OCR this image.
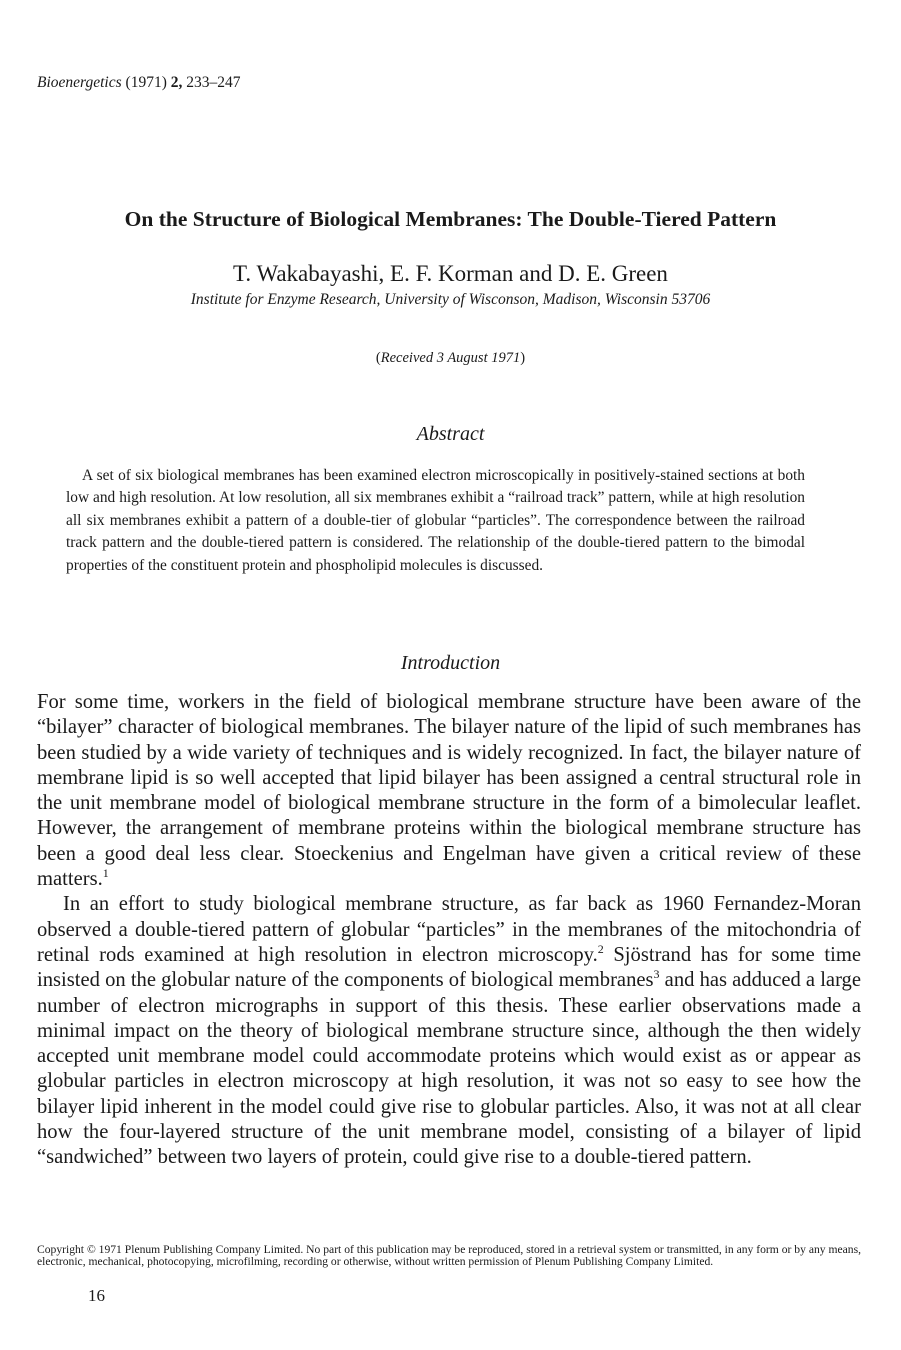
Bioenergetics (1971) 2, 233–247
On the Structure of Biological Membranes: The Double-Tiered Pattern
T. Wakabayashi, E. F. Korman and D. E. Green
Institute for Enzyme Research, University of Wisconson, Madison, Wisconsin 53706
(Received 3 August 1971)
Abstract

A set of six biological membranes has been examined electron microscopically in positively-stained sections at both low and high resolution. At low resolution, all six membranes exhibit a “railroad track” pattern, while at high resolution all six membranes exhibit a pattern of a double-tier of globular “particles”. The correspondence between the railroad track pattern and the double-tiered pattern is considered. The relationship of the double-tiered pattern to the bimodal properties of the constituent protein and phospholipid molecules is discussed.

Introduction

For some time, workers in the field of biological membrane structure have been aware of the “bilayer” character of biological membranes. The bilayer nature of the lipid of such membranes has been studied by a wide variety of techniques and is widely recognized. In fact, the bilayer nature of membrane lipid is so well accepted that lipid bilayer has been assigned a central structural role in the unit membrane model of biological membrane structure in the form of a bimolecular leaflet. However, the arrangement of membrane proteins within the biological membrane structure has been a good deal less clear. Stoeckenius and Engelman have given a critical review of these matters.$^1$

In an effort to study biological membrane structure, as far back as 1960 Fernandez-Moran observed a double-tiered pattern of globular “particles” in the membranes of the mitochondria of retinal rods examined at high resolution in electron microscopy.$^2$ Sjöstrand has for some time insisted on the globular nature of the components of biological membranes$^3$ and has adduced a large number of electron micrographs in support of this thesis. These earlier observations made a minimal impact on the theory of biological membrane structure since, although the then widely accepted unit membrane model could accommodate proteins which would exist as or appear as globular particles in electron microscopy at high resolution, it was not so easy to see how the bilayer lipid inherent in the model could give rise to globular particles. Also, it was not at all clear how the four-layered structure of the unit membrane model, consisting of a bilayer of lipid “sandwiched” between two layers of protein, could give rise to a double-tiered pattern.

Copyright © 1971 Plenum Publishing Company Limited. No part of this publication may be reproduced, stored in a retrieval system or transmitted, in any form or by any means, electronic, mechanical, photocopying, microfilming, recording or otherwise, without written permission of Plenum Publishing Company Limited.

16
